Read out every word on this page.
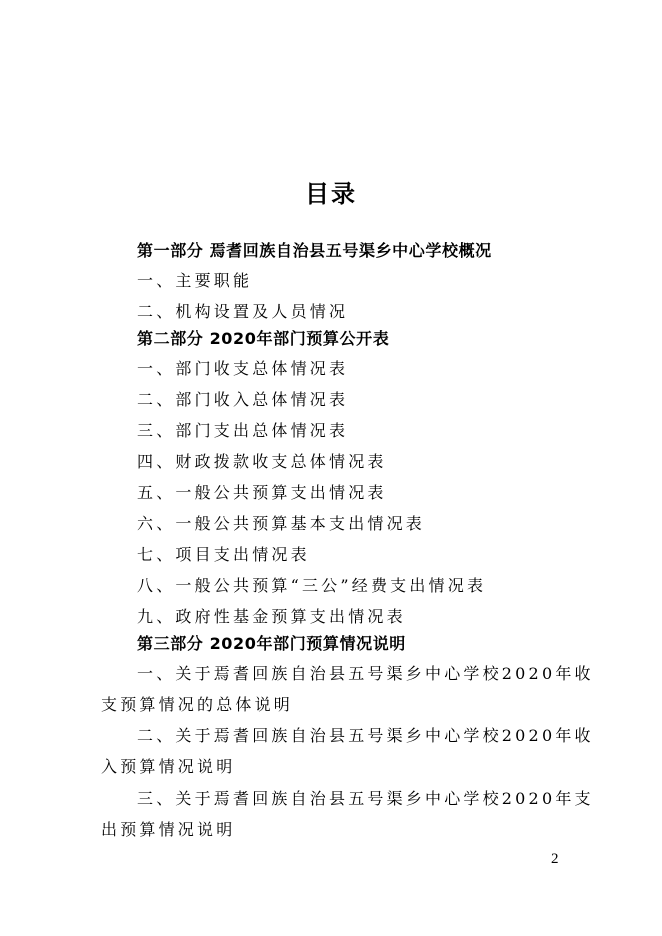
目录
第一部分 焉耆回族自治县五号渠乡中心学校概况
一、主要职能
二、机构设置及人员情况
第二部分 2020年部门预算公开表
一、部门收支总体情况表
二、部门收入总体情况表
三、部门支出总体情况表
四、财政拨款收支总体情况表
五、一般公共预算支出情况表
六、一般公共预算基本支出情况表
七、项目支出情况表
八、一般公共预算“三公”经费支出情况表
九、政府性基金预算支出情况表
第三部分 2020年部门预算情况说明
一、关于焉耆回族自治县五号渠乡中心学校2020年收
支预算情况的总体说明
二、关于焉耆回族自治县五号渠乡中心学校2020年收
入预算情况说明
三、关于焉耆回族自治县五号渠乡中心学校2020年支
出预算情况说明
2
